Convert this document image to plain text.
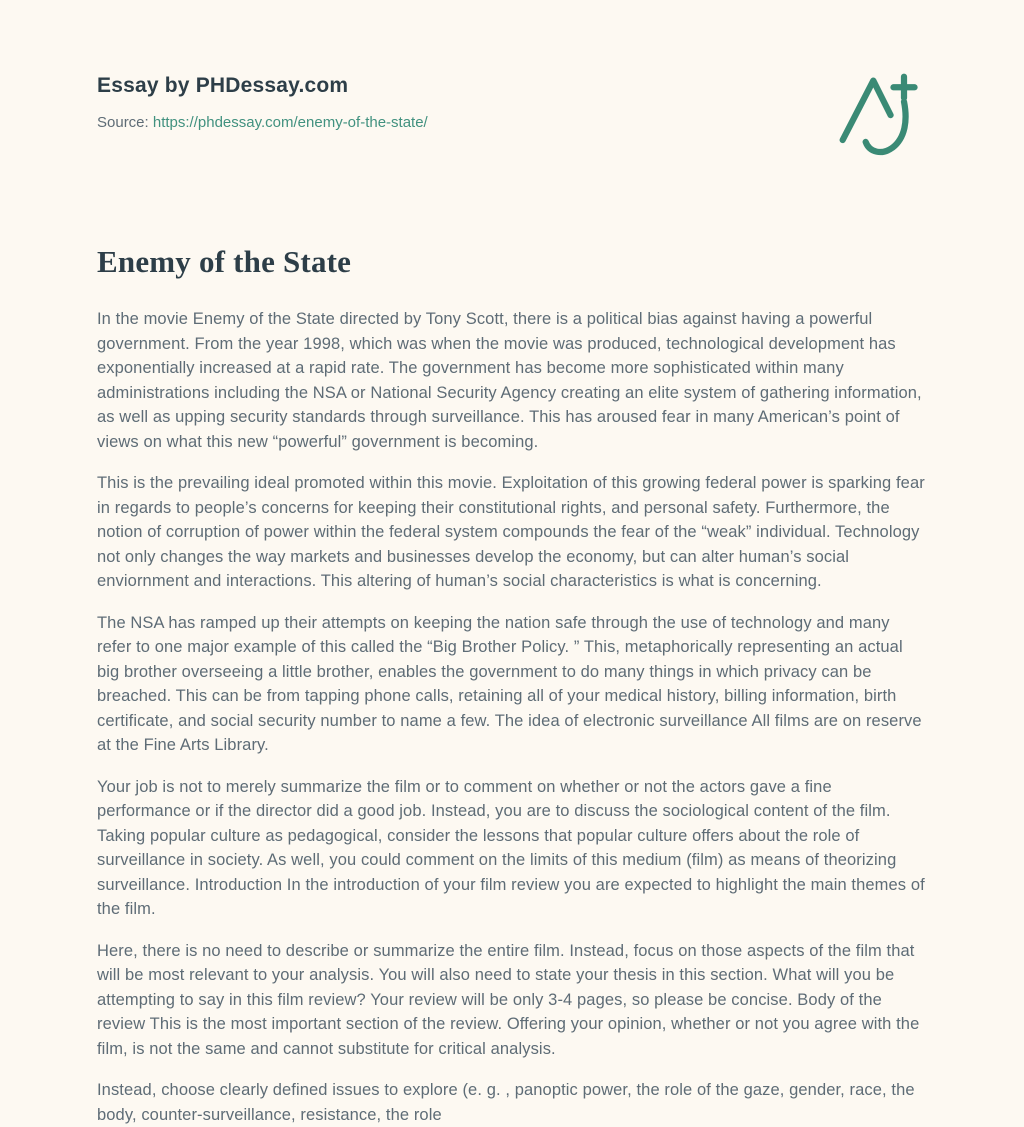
Essay by PHDessay.com

Source: https://phdessay.com/enemy-of-the-state/

Enemy of the State

In the movie Enemy of the State directed by Tony Scott, there is a political bias against having a powerful government. From the year 1998, which was when the movie was produced, technological development has exponentially increased at a rapid rate. The government has become more sophisticated within many administrations including the NSA or National Security Agency creating an elite system of gathering information, as well as upping security standards through surveillance. This has aroused fear in many American’s point of views on what this new “powerful” government is becoming.

This is the prevailing ideal promoted within this movie. Exploitation of this growing federal power is sparking fear in regards to people’s concerns for keeping their constitutional rights, and personal safety. Furthermore, the notion of corruption of power within the federal system compounds the fear of the “weak” individual. Technology not only changes the way markets and businesses develop the economy, but can alter human’s social enviornment and interactions. This altering of human’s social characteristics is what is concerning.

The NSA has ramped up their attempts on keeping the nation safe through the use of technology and many refer to one major example of this called the “Big Brother Policy. ” This, metaphorically representing an actual big brother overseeing a little brother, enables the government to do many things in which privacy can be breached. This can be from tapping phone calls, retaining all of your medical history, billing information, birth certificate, and social security number to name a few. The idea of electronic surveillance All films are on reserve at the Fine Arts Library.

Your job is not to merely summarize the film or to comment on whether or not the actors gave a fine performance or if the director did a good job. Instead, you are to discuss the sociological content of the film. Taking popular culture as pedagogical, consider the lessons that popular culture offers about the role of surveillance in society. As well, you could comment on the limits of this medium (film) as means of theorizing surveillance. Introduction In the introduction of your film review you are expected to highlight the main themes of the film.

Here, there is no need to describe or summarize the entire film. Instead, focus on those aspects of the film that will be most relevant to your analysis. You will also need to state your thesis in this section. What will you be attempting to say in this film review? Your review will be only 3-4 pages, so please be concise. Body of the review This is the most important section of the review. Offering your opinion, whether or not you agree with the film, is not the same and cannot substitute for critical analysis.

Instead, choose clearly defined issues to explore (e. g. , panoptic power, the role of the gaze, gender, race, the body, counter-surveillance, resistance, the role
